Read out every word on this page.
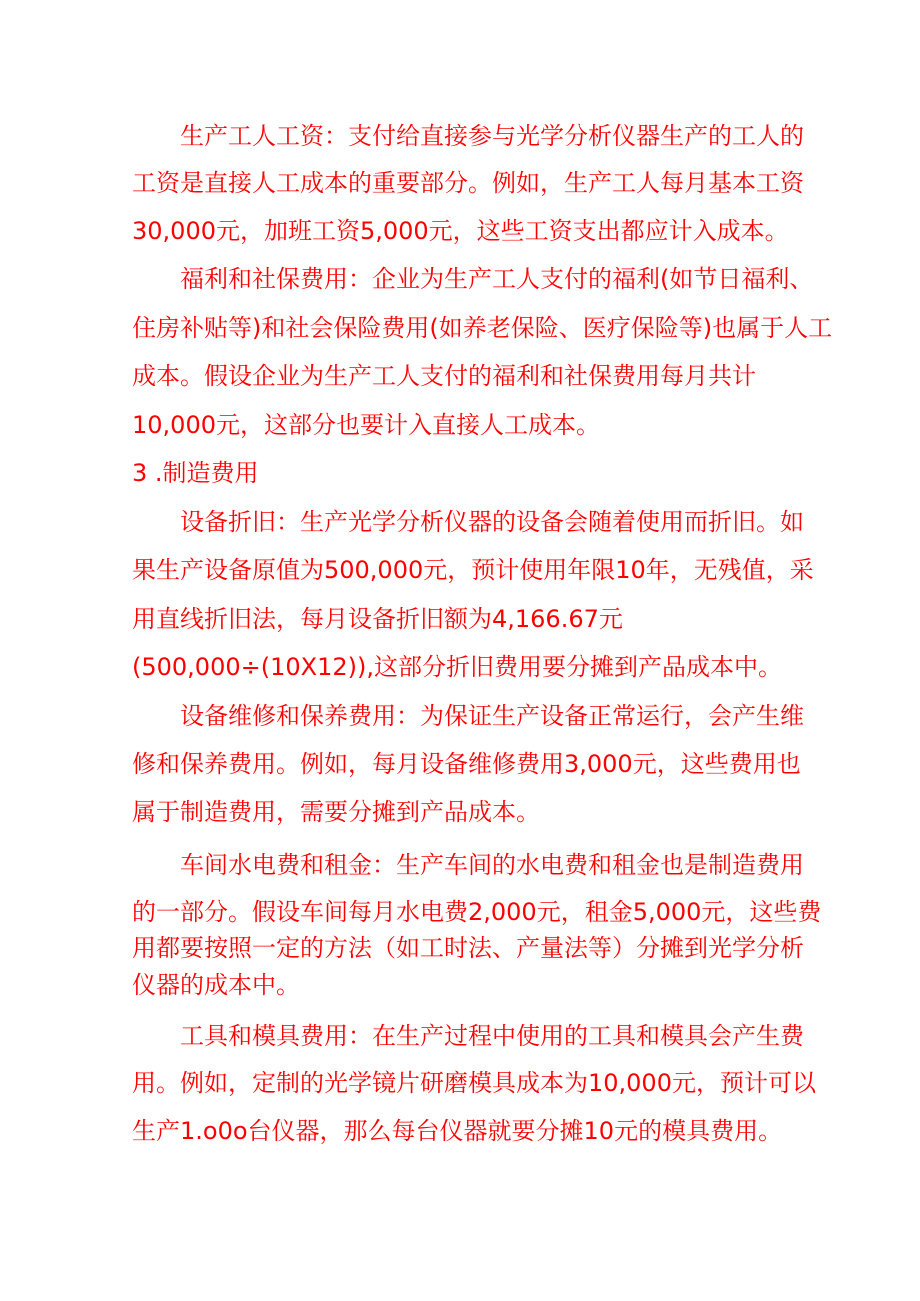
生产工人工资：支付给直接参与光学分析仪器生产的工人的

工资是直接人工成本的重要部分。例如，生产工人每月基本工资

30,000元，加班工资5,000元，这些工资支出都应计入成本。

福利和社保费用：企业为生产工人支付的福利(如节日福利、

住房补贴等)和社会保险费用(如养老保险、医疗保险等)也属于人工

成本。假设企业为生产工人支付的福利和社保费用每月共计

10,000元，这部分也要计入直接人工成本。

3 .制造费用

设备折旧：生产光学分析仪器的设备会随着使用而折旧。如

果生产设备原值为500,000元，预计使用年限10年，无残值，采

用直线折旧法，每月设备折旧额为4,166.67元

(500,000÷(10X12)),这部分折旧费用要分摊到产品成本中。

设备维修和保养费用：为保证生产设备正常运行，会产生维

修和保养费用。例如，每月设备维修费用3,000元，这些费用也

属于制造费用，需要分摊到产品成本。

车间水电费和租金：生产车间的水电费和租金也是制造费用

的一部分。假设车间每月水电费2,000元，租金5,000元，这些费

用都要按照一定的方法（如工时法、产量法等）分摊到光学分析

仪器的成本中。

工具和模具费用：在生产过程中使用的工具和模具会产生费

用。例如，定制的光学镜片研磨模具成本为10,000元，预计可以

生产1.o0o台仪器，那么每台仪器就要分摊10元的模具费用。
